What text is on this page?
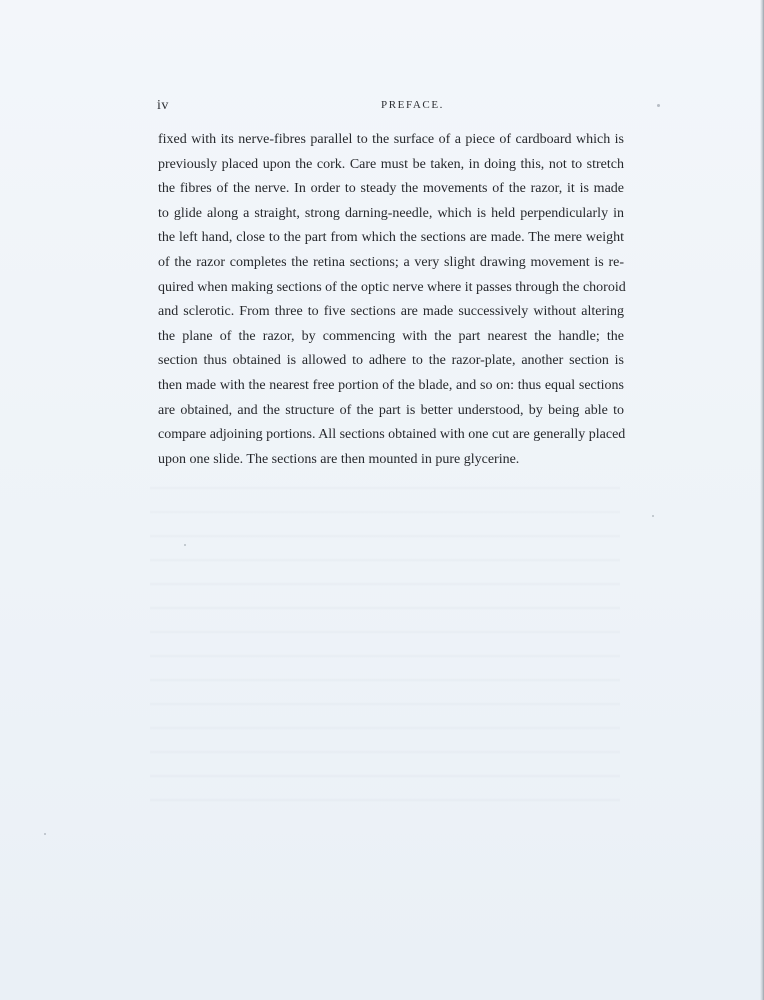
iv	PREFACE.
fixed with its nerve-fibres parallel to the surface of a piece of cardboard which is
previously placed upon the cork. Care must be taken, in doing this, not to stretch
the fibres of the nerve. In order to steady the movements of the razor, it is made
to glide along a straight, strong darning-needle, which is held perpendicularly in
the left hand, close to the part from which the sections are made. The mere weight
of the razor completes the retina sections; a very slight drawing movement is re-
quired when making sections of the optic nerve where it passes through the choroid
and sclerotic. From three to five sections are made successively without altering
the plane of the razor, by commencing with the part nearest the handle; the
section thus obtained is allowed to adhere to the razor-plate, another section is
then made with the nearest free portion of the blade, and so on: thus equal sections
are obtained, and the structure of the part is better understood, by being able to
compare adjoining portions. All sections obtained with one cut are generally placed
upon one slide. The sections are then mounted in pure glycerine.
